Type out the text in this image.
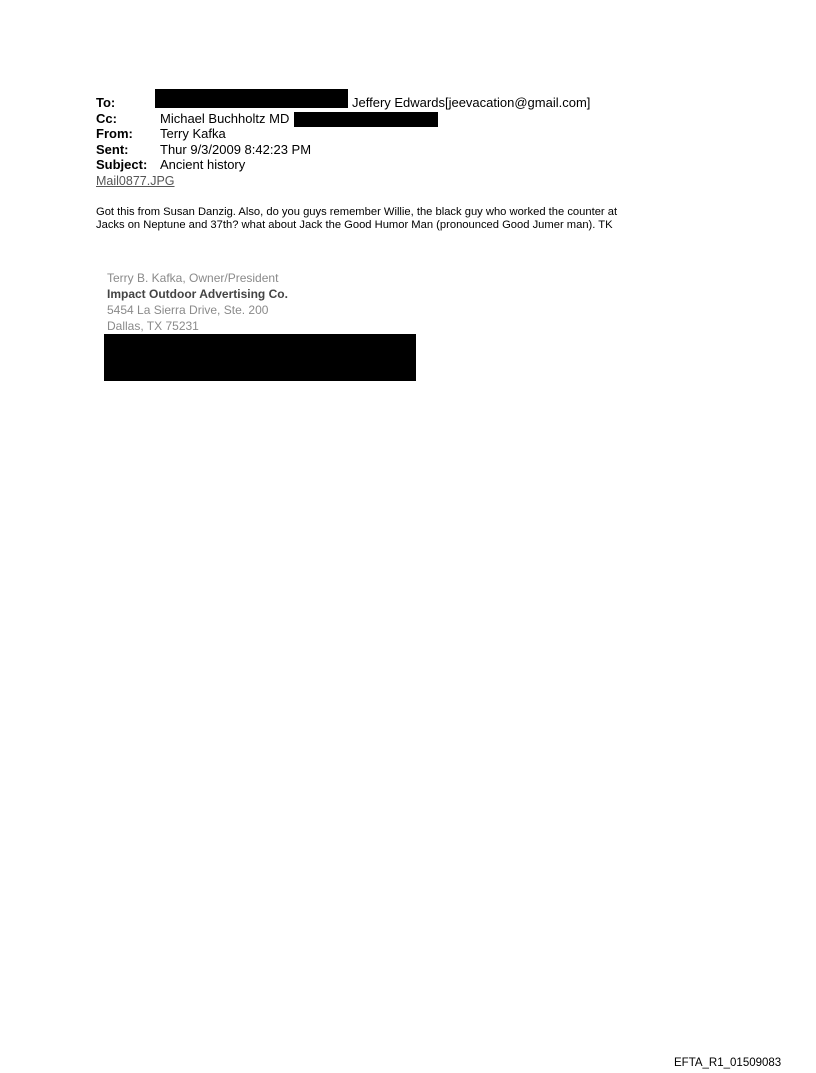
To:	Jeffery Edwards[jeevacation@gmail.com]
Cc:	Michael Buchholtz MD
From: Terry Kafka
Sent: Thur 9/3/2009 8:42:23 PM
Subject: Ancient history
Mail0877.JPG
Got this from Susan Danzig. Also, do you guys remember Willie, the black guy who worked the counter at
Jacks on Neptune and 37th? what about Jack the Good Humor Man (pronounced Good Jumer man). TK
Terry B. Kafka, Owner/President
Impact Outdoor Advertising Co.
5454 La Sierra Drive, Ste. 200
Dallas, TX 75231
EFTA_R1_01509083
